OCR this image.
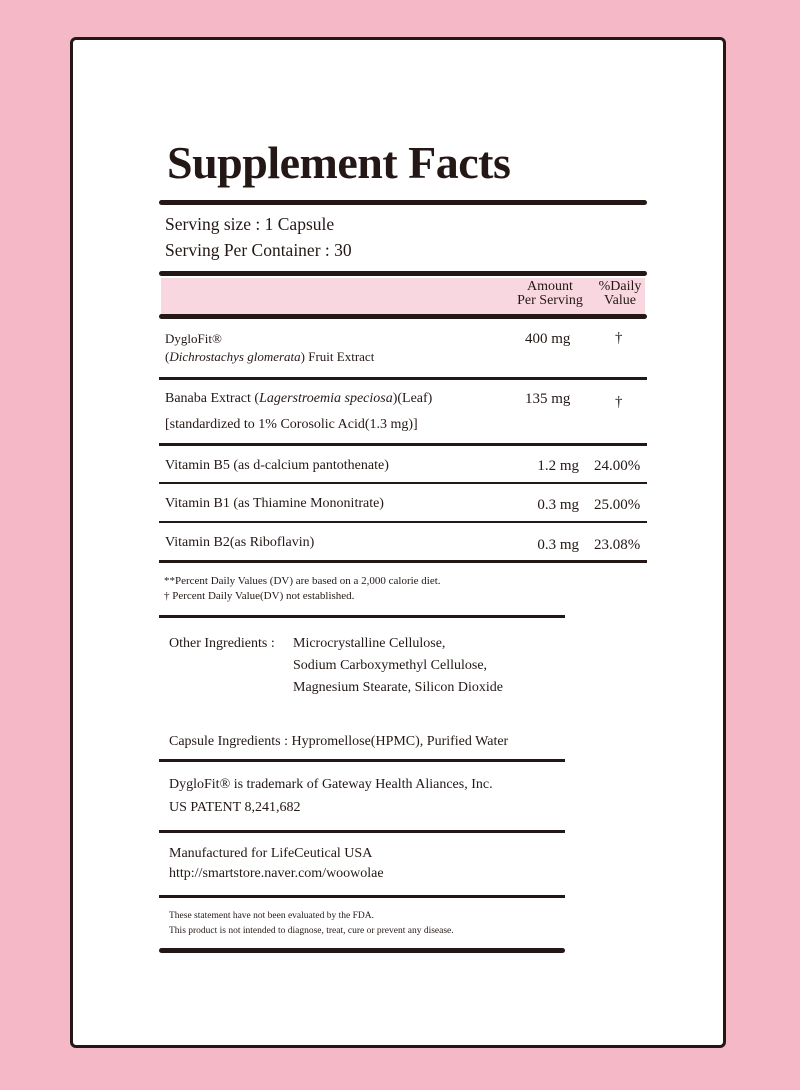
Supplement Facts
Serving size : 1 Capsule
Serving Per Container : 30
Amount
Per Serving
%Daily
Value
DygloFit®
(Dichrostachys glomerata) Fruit Extract
400 mg	†
Banaba Extract (Lagerstroemia speciosa)(Leaf)
[standardized to 1% Corosolic Acid(1.3 mg)]
135 mg	†
Vitamin B5 (as d-calcium pantothenate)	1.2 mg 24.00%
Vitamin B1 (as Thiamine Mononitrate)	0.3 mg 25.00%
Vitamin B2(as Riboflavin)	0.3 mg 23.08%
**Percent Daily Values (DV) are based on a 2,000 calorie diet.
† Percent Daily Value(DV) not established.
Other Ingredients : Microcrystalline Cellulose,
Sodium Carboxymethyl Cellulose,
Magnesium Stearate, Silicon Dioxide
Capsule Ingredients : Hypromellose(HPMC), Purified Water
DygloFit® is trademark of Gateway Health Aliances, Inc.
US PATENT 8,241,682
Manufactured for LifeCeutical USA
http://smartstore.naver.com/woowolae
These statement have not been evaluated by the FDA.
This product is not intended to diagnose, treat, cure or prevent any disease.
